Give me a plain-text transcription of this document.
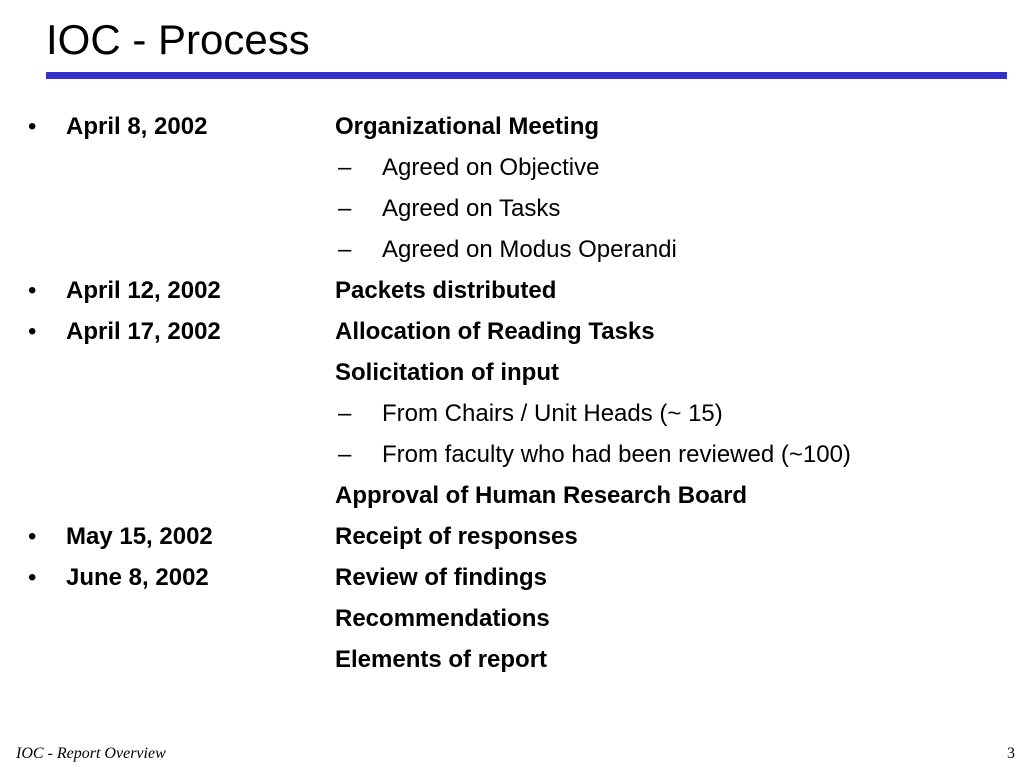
IOC - Process
• April 8, 2002	Organizational Meeting
– Agreed on Objective
– Agreed on Tasks
– Agreed on Modus Operandi
• April 12, 2002	Packets distributed
• April 17, 2002	Allocation of Reading Tasks
Solicitation of input
– From Chairs / Unit Heads (~ 15)
– From faculty who had been reviewed (~100)
Approval of Human Research Board
• May 15, 2002	Receipt of responses
• June 8, 2002	Review of findings
Recommendations
Elements of report
IOC - Report Overview	3
